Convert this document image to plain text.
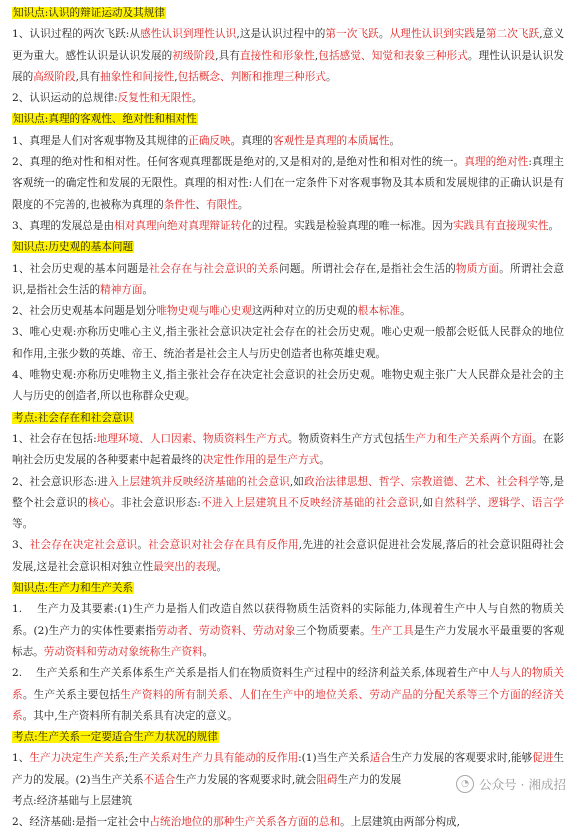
知识点:认识的辩证运动及其规律

1、认识过程的两次飞跃:从感性认识到理性认识,这是认识过程中的第一次飞跃。从理性认识到实践是第二次飞跃,意义更为重大。感性认识是认识发展的初级阶段,具有直接性和形象性,包括感觉、知觉和表象三种形式。理性认识是认识发展的高级阶段,具有抽象性和间接性,包括概念、判断和推理三种形式。

2、认识运动的总规律:反复性和无限性。

知识点:真理的客观性、绝对性和相对性

1、真理是人们对客观事物及其规律的正确反映。真理的客观性是真理的本质属性。

2、真理的绝对性和相对性。任何客观真理都既是绝对的,又是相对的,是绝对性和相对性的统一。真理的绝对性:真理主客观统一的确定性和发展的无限性。真理的相对性:人们在一定条件下对客观事物及其本质和发展规律的正确认识是有限度的不完善的,也被称为真理的条件性、有限性。

3、真理的发展总是由相对真理向绝对真理辩证转化的过程。实践是检验真理的唯一标准。因为实践具有直接现实性。

知识点:历史观的基本问题

1、社会历史观的基本问题是社会存在与社会意识的关系问题。所谓社会存在,是指社会生活的物质方面。所谓社会意识,是指社会生活的精神方面。

2、社会历史观基本问题是划分唯物史观与唯心史观这两种对立的历史观的根本标准。

3、唯心史观:亦称历史唯心主义,指主张社会意识决定社会存在的社会历史观。唯心史观一般都会贬低人民群众的地位和作用,主张少数的英雄、帝王、统治者是社会主人与历史创造者也称英雄史观。

4、唯物史观:亦称历史唯物主义,指主张社会存在决定社会意识的社会历史观。唯物史观主张广大人民群众是社会的主人与历史的创造者,所以也称群众史观。

考点:社会存在和社会意识

1、社会存在包括:地理环境、人口因素、物质资料生产方式。物质资料生产方式包括生产力和生产关系两个方面。在影响社会历史发展的各种要素中起着最终的决定性作用的是生产方式。

2、社会意识形态:进入上层建筑并反映经济基础的社会意识,如政治法律思想、哲学、宗教道德、艺术、社会科学等,是整个社会意识的核心。非社会意识形态:不进入上层建筑且不反映经济基础的社会意识,如自然科学、逻辑学、语言学等。

3、社会存在决定社会意识。社会意识对社会存在具有反作用,先进的社会意识促进社会发展,落后的社会意识阻碍社会发展,这是社会意识相对独立性最突出的表现。

知识点:生产力和生产关系

1.    生产力及其要素:(1)生产力是指人们改造自然以获得物质生活资料的实际能力,体现着生产中人与自然的物质关系。(2)生产力的实体性要素指劳动者、劳动资料、劳动对象三个物质要素。生产工具是生产力发展水平最重要的客观标志。劳动资料和劳动对象统称生产资料。

2.    生产关系和生产关系体系生产关系是指人们在物质资料生产过程中的经济利益关系,体现着生产中人与人的物质关系。生产关系主要包括生产资料的所有制关系、人们在生产中的地位关系、劳动产品的分配关系等三个方面的经济关系。其中,生产资料所有制关系具有决定的意义。

考点:生产关系一定要适合生产力状况的规律

1、生产力决定生产关系;生产关系对生产力具有能动的反作用:(1)当生产关系适合生产力发展的客观要求时,能够促进生产力的发展。(2)当生产关系不适合生产力发展的客观要求时,就会阻碍生产力的发展

考点:经济基础与上层建筑

2、经济基础:是指一定社会中占统治地位的那种生产关系各方面的总和。上层建筑由两部分构成,

◔ 公众号 · 湘成招
